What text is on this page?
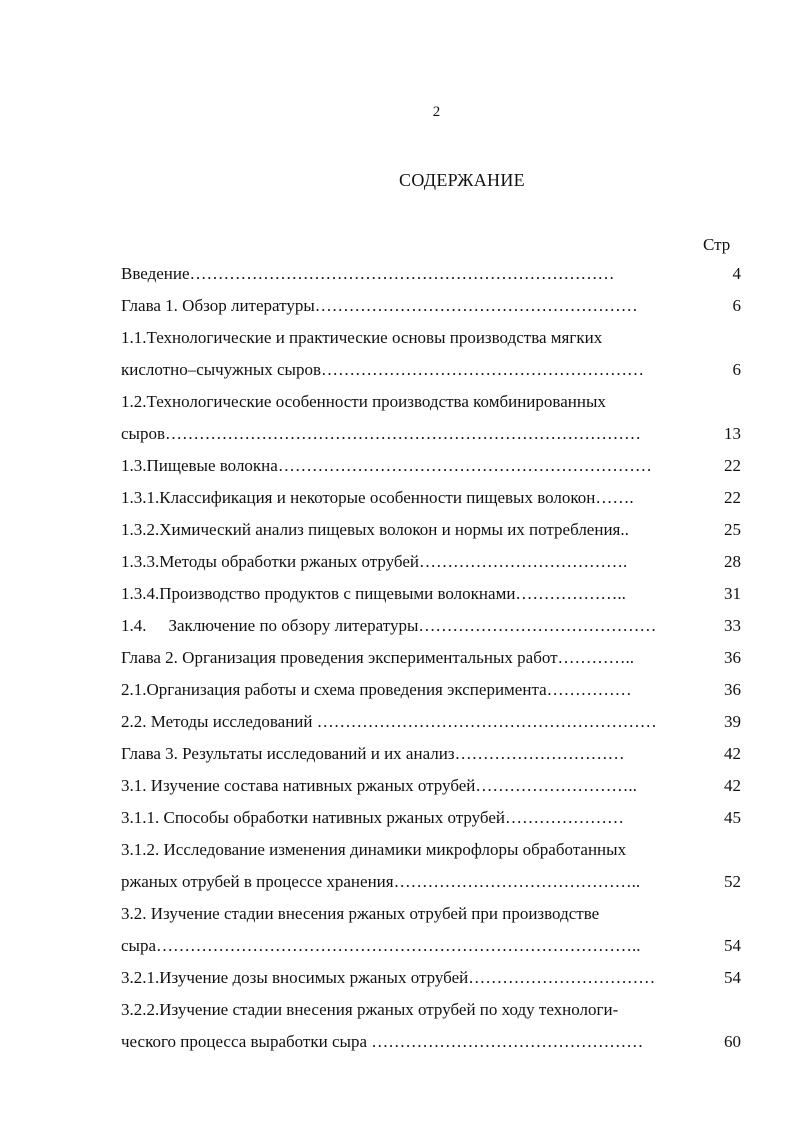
2
СОДЕРЖАНИЕ
Стр
Введение…………………………………………………………………	4
Глава 1. Обзор литературы…………………………………………………	6
1.1.Технологические и практические основы производства мягких
кислотно–сычужных сыров…………………………………………………	6
1.2.Технологические особенности производства комбинированных
сыров…………………………………………………………………………	13
1.3.Пищевые волокна…………………………………………………………	22
1.3.1.Классификация и некоторые особенности пищевых волокон…….	22
1.3.2.Химический анализ пищевых волокон и нормы их потребления..	25
1.3.3.Методы обработки ржаных отрубей……………………………….	28
1.3.4.Производство продуктов с пищевыми волокнами………………..	31
1.4. Заключение по обзору литературы……………………………………	33
Глава 2. Организация проведения экспериментальных работ…………..	36
2.1.Организация работы и схема проведения эксперимента……………	36
2.2. Методы исследований ……………………………………………………	39
Глава 3. Результаты исследований и их анализ…………………………	42
3.1. Изучение состава нативных ржаных отрубей………………………..	42
3.1.1. Способы обработки нативных ржаных отрубей…………………	45
3.1.2. Исследование изменения динамики микрофлоры обработанных
ржаных отрубей в процессе хранения……………………………………..	52
3.2. Изучение стадии внесения ржаных отрубей при производстве
сыра…………………………………………………………………………..	54
3.2.1.Изучение дозы вносимых ржаных отрубей……………………………	54
3.2.2.Изучение стадии внесения ржаных отрубей по ходу технологи-
ческого процесса выработки сыра …………………………………………	60
